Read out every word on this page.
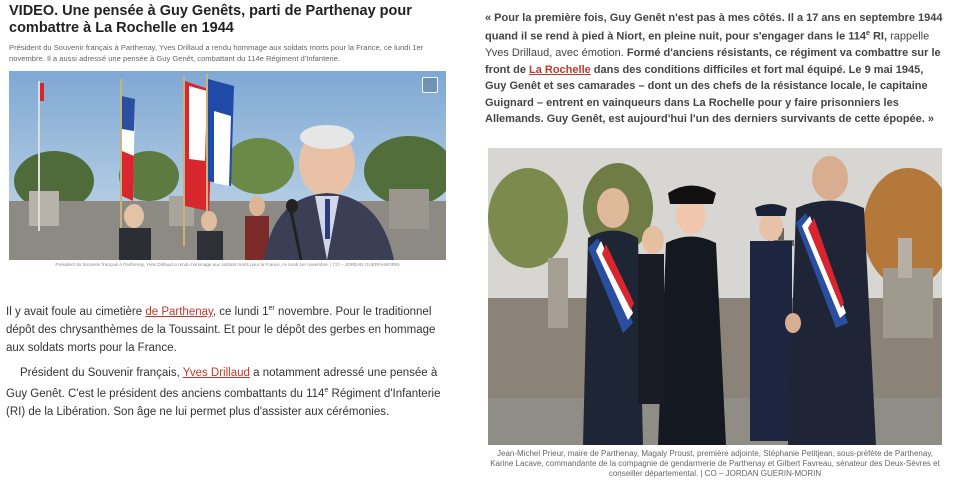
VIDEO. Une pensée à Guy Genêts, parti de Parthenay pour combattre à La Rochelle en 1944
Président du Souvenir français à Parthenay, Yves Drillaud a rendu hommage aux soldats morts pour la France, ce lundi 1er novembre. Il a aussi adressé une pensée à Guy Genêt, combattant du 114e Régiment d'Infanterie.
Président du Souvenir français à Parthenay, Yves Drillaud a rendu hommage aux soldats morts pour la France, ce lundi 1er novembre. | CO – JORDAN GUERIN-MORIN

Il y avait foule au cimetière de Parthenay, ce lundi 1er novembre. Pour le traditionnel dépôt des chrysanthèmes de la Toussaint. Et pour le dépôt des gerbes en hommage aux soldats morts pour la France.

Président du Souvenir français, Yves Drillaud a notamment adressé une pensée à Guy Genêt. C'est le président des anciens combattants du 114e Régiment d'Infanterie (RI) de la Libération. Son âge ne lui permet plus d'assister aux cérémonies.

« Pour la première fois, Guy Genêt n'est pas à mes côtés. Il a 17 ans en septembre 1944 quand il se rend à pied à Niort, en pleine nuit, pour s'engager dans le 114e RI, rappelle Yves Drillaud, avec émotion. Formé d'anciens résistants, ce régiment va combattre sur le front de La Rochelle dans des conditions difficiles et fort mal équipé. Le 9 mai 1945, Guy Genêt et ses camarades – dont un des chefs de la résistance locale, le capitaine Guignard – entrent en vainqueurs dans La Rochelle pour y faire prisonniers les Allemands. Guy Genêt, est aujourd'hui l'un des derniers survivants de cette épopée. »

Jean-Michel Prieur, maire de Parthenay, Magaly Proust, première adjointe, Stéphanie Petitjean, sous-préfète de Parthenay, Karine Lacave, commandante de la compagnie de gendarmerie de Parthenay et Gilbert Favreau, sénateur des Deux-Sèvres et conseiller départemental. | CO – JORDAN GUERIN-MORIN
